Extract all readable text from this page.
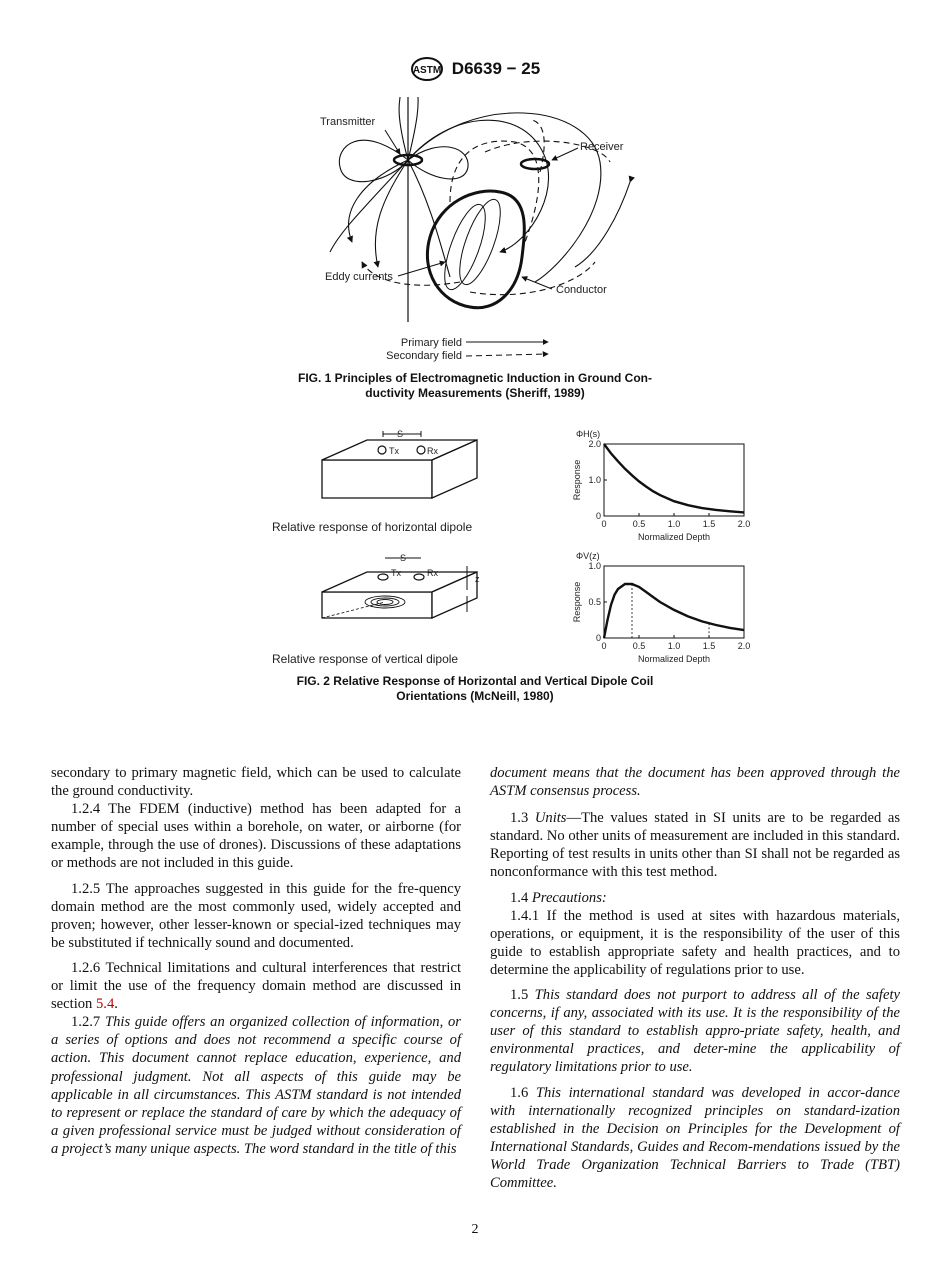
ASTM D6639 − 25
Transmitter
Receiver
Eddy currents
Conductor
Primary field
Secondary field
FIG. 1 Principles of Electromagnetic Induction in Ground Con-
ductivity Measurements (Sheriff, 1989)
S
Tx	Rx
Relative response of horizontal dipole
S
Tx	Rx
z
Relative response of vertical dipole
ΦH(s)
Response
Normalized Depth
0	0.5 1.0 1.5 2.0
0
1.0
2.0
ΦV(z)
Response
Normalized Depth
0	0.5 1.0 1.5 2.0
0
0.5
1.0
FIG. 2 Relative Response of Horizontal and Vertical Dipole Coil
Orientations (McNeill, 1980)

secondary to primary magnetic field, which can be used to calculate the ground conductivity.

1.2.4 The FDEM (inductive) method has been adapted for a number of special uses within a borehole, on water, or airborne (for example, through the use of drones). Discussions of these adaptations or methods are not included in this guide.

1.2.5 The approaches suggested in this guide for the fre-quency domain method are the most commonly used, widely accepted and proven; however, other lesser-known or special-ized techniques may be substituted if technically sound and documented.

1.2.6 Technical limitations and cultural interferences that restrict or limit the use of the frequency domain method are discussed in section 5.4.

1.2.7 This guide offers an organized collection of information, or a series of options and does not recommend a specific course of action. This document cannot replace education, experience, and professional judgment. Not all aspects of this guide may be applicable in all circumstances. This ASTM standard is not intended to represent or replace the standard of care by which the adequacy of a given professional service must be judged without consideration of a project’s many unique aspects. The word standard in the title of this

document means that the document has been approved through the ASTM consensus process.

1.3 Units—The values stated in SI units are to be regarded as standard. No other units of measurement are included in this standard. Reporting of test results in units other than SI shall not be regarded as nonconformance with this test method.

1.4 Precautions:

1.4.1 If the method is used at sites with hazardous materials, operations, or equipment, it is the responsibility of the user of this guide to establish appropriate safety and health practices, and to determine the applicability of regulations prior to use.

1.5 This standard does not purport to address all of the safety concerns, if any, associated with its use. It is the responsibility of the user of this standard to establish appro-priate safety, health, and environmental practices, and deter-mine the applicability of regulatory limitations prior to use.

1.6 This international standard was developed in accor-dance with internationally recognized principles on standard-ization established in the Decision on Principles for the Development of International Standards, Guides and Recom-mendations issued by the World Trade Organization Technical Barriers to Trade (TBT) Committee.

2
